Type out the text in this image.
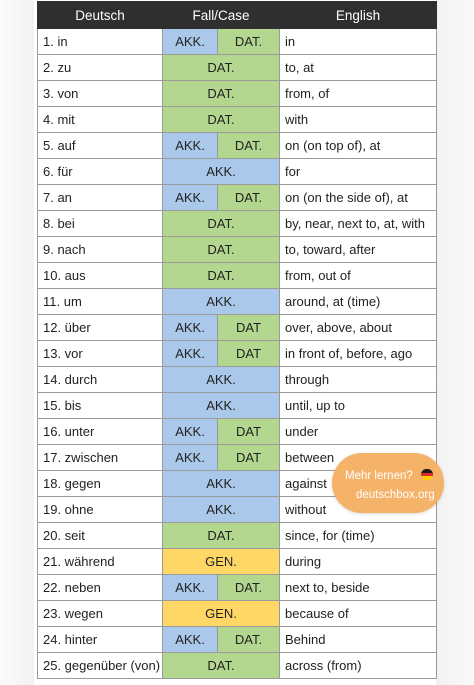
Deutsch	Fall/Case		English
1. in	AKK.	DAT.	in
2. zu	DAT.		to, at
3. von	DAT.		from, of
4. mit	DAT.		with
5. auf	AKK.	DAT.	on (on top of), at
6. für	AKK.		for
7. an	AKK.	DAT.	on (on the side of), at
8. bei	DAT.		by, near, next to, at, with
9. nach	DAT.		to, toward, after
10. aus	DAT.		from, out of
11. um	AKK.		around, at (time)
12. über	AKK.	DAT	over, above, about
13. vor	AKK.	DAT	in front of, before, ago
14. durch	AKK.		through
15. bis	AKK.		until, up to
16. unter	AKK.	DAT	under
17. zwischen	AKK.	DAT	between
18. gegen	AKK.		against
19. ohne	AKK.		without
20. seit	DAT.		since, for (time)
21. während	GEN.		during
22. neben	AKK.	DAT.	next to, beside
23. wegen	GEN.		because of
24. hinter	AKK.	DAT.	Behind
25. gegenüber (von)	DAT.		across (from)
Mehr lernen?
deutschbox.org
